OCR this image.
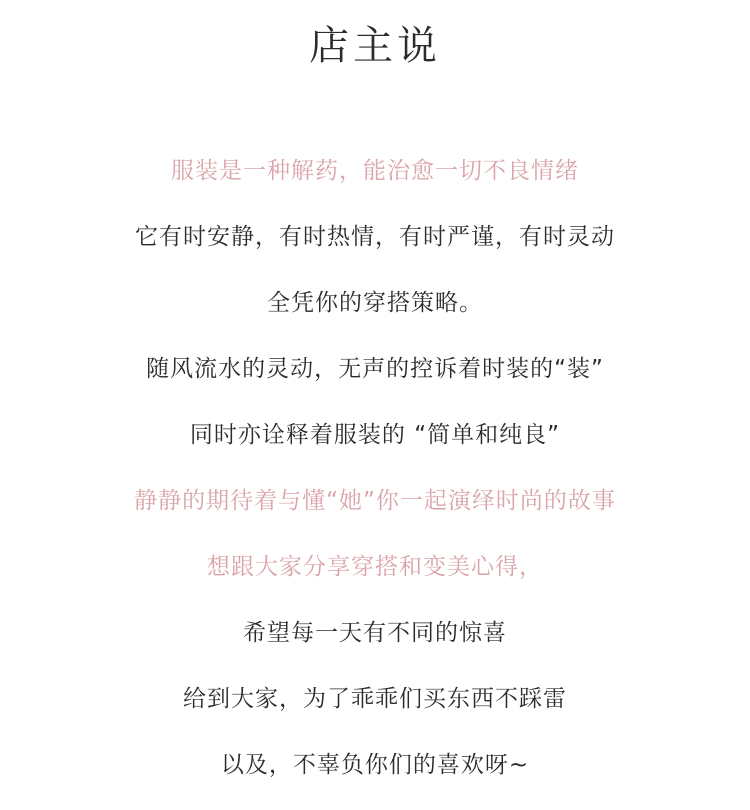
店主说

服装是一种解药，能治愈一切不良情绪

它有时安静，有时热情，有时严谨，有时灵动

全凭你的穿搭策略。

随风流水的灵动，无声的控诉着时装的“装”

同时亦诠释着服装的 “简单和纯良”

静静的期待着与懂“她”你一起演绎时尚的故事

想跟大家分享穿搭和变美心得，

希望每一天有不同的惊喜

给到大家，为了乖乖们买东西不踩雷

以及，不辜负你们的喜欢呀~
